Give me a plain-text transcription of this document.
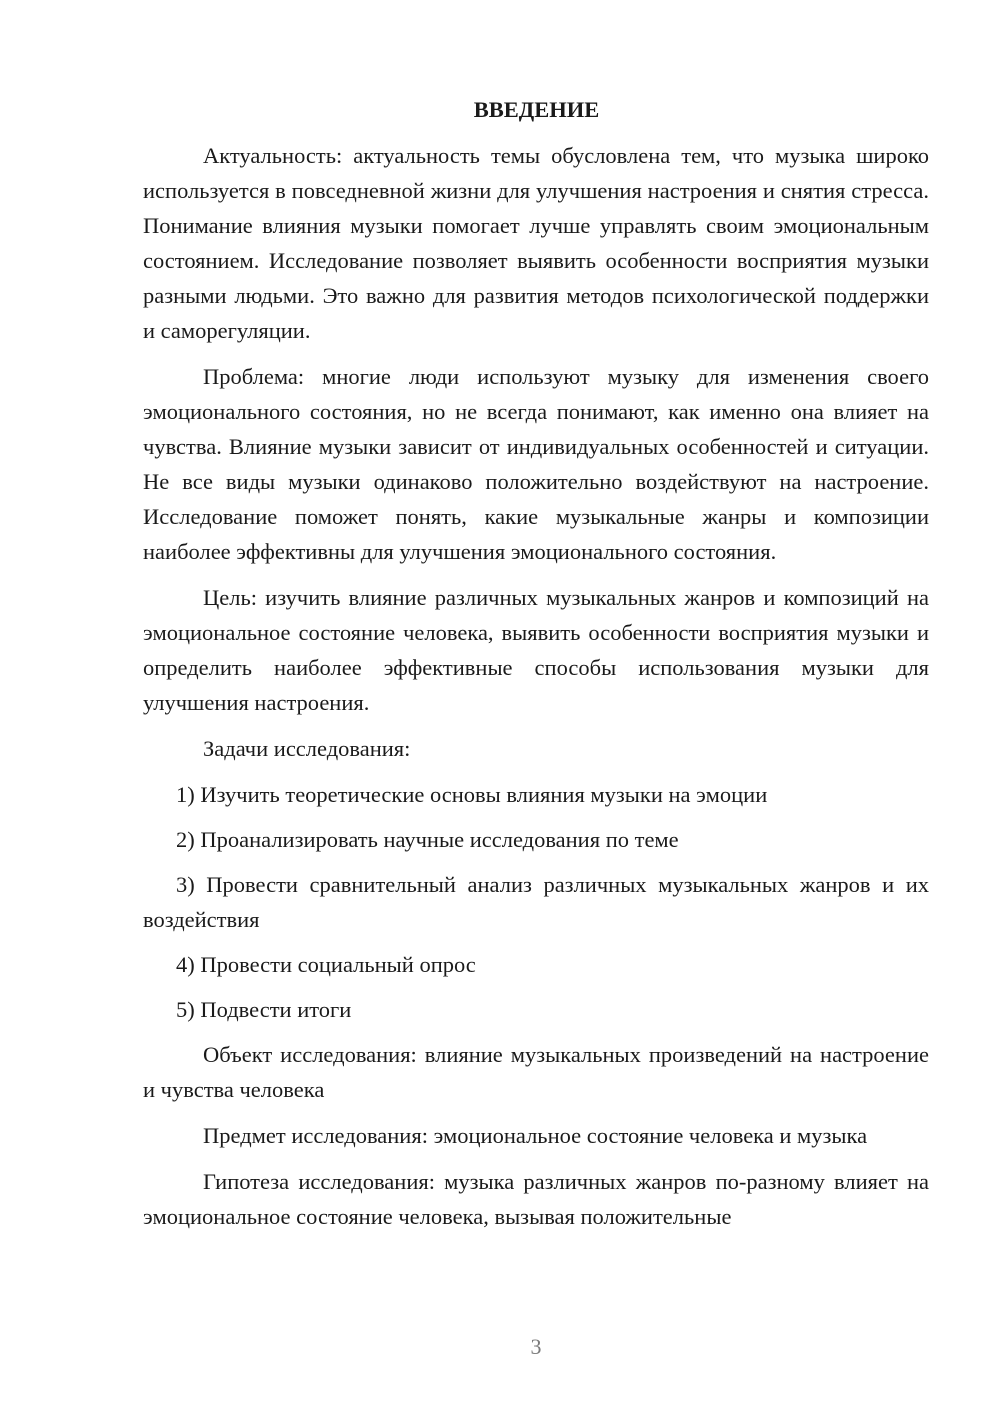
ВВЕДЕНИЕ

Актуальность: актуальность темы обусловлена тем, что музыка широко используется в повседневной жизни для улучшения настроения и снятия стресса. Понимание влияния музыки помогает лучше управлять своим эмоциональным состоянием. Исследование позволяет выявить особенности восприятия музыки разными людьми. Это важно для развития методов психологической поддержки и саморегуляции.

Проблема: многие люди используют музыку для изменения своего эмоционального состояния, но не всегда понимают, как именно она влияет на чувства. Влияние музыки зависит от индивидуальных особенностей и ситуации. Не все виды музыки одинаково положительно воздействуют на настроение. Исследование поможет понять, какие музыкальные жанры и композиции наиболее эффективны для улучшения эмоционального состояния.

Цель: изучить влияние различных музыкальных жанров и композиций на эмоциональное состояние человека, выявить особенности восприятия музыки и определить наиболее эффективные способы использования музыки для улучшения настроения.

Задачи исследования:

1) Изучить теоретические основы влияния музыки на эмоции

2) Проанализировать научные исследования по теме

3) Провести сравнительный анализ различных музыкальных жанров и их воздействия

4) Провести социальный опрос

5) Подвести итоги

Объект исследования: влияние музыкальных произведений на настроение и чувства человека

Предмет исследования: эмоциональное состояние человека и музыка

Гипотеза исследования: музыка различных жанров по-разному влияет на эмоциональное состояние человека, вызывая положительные

3
